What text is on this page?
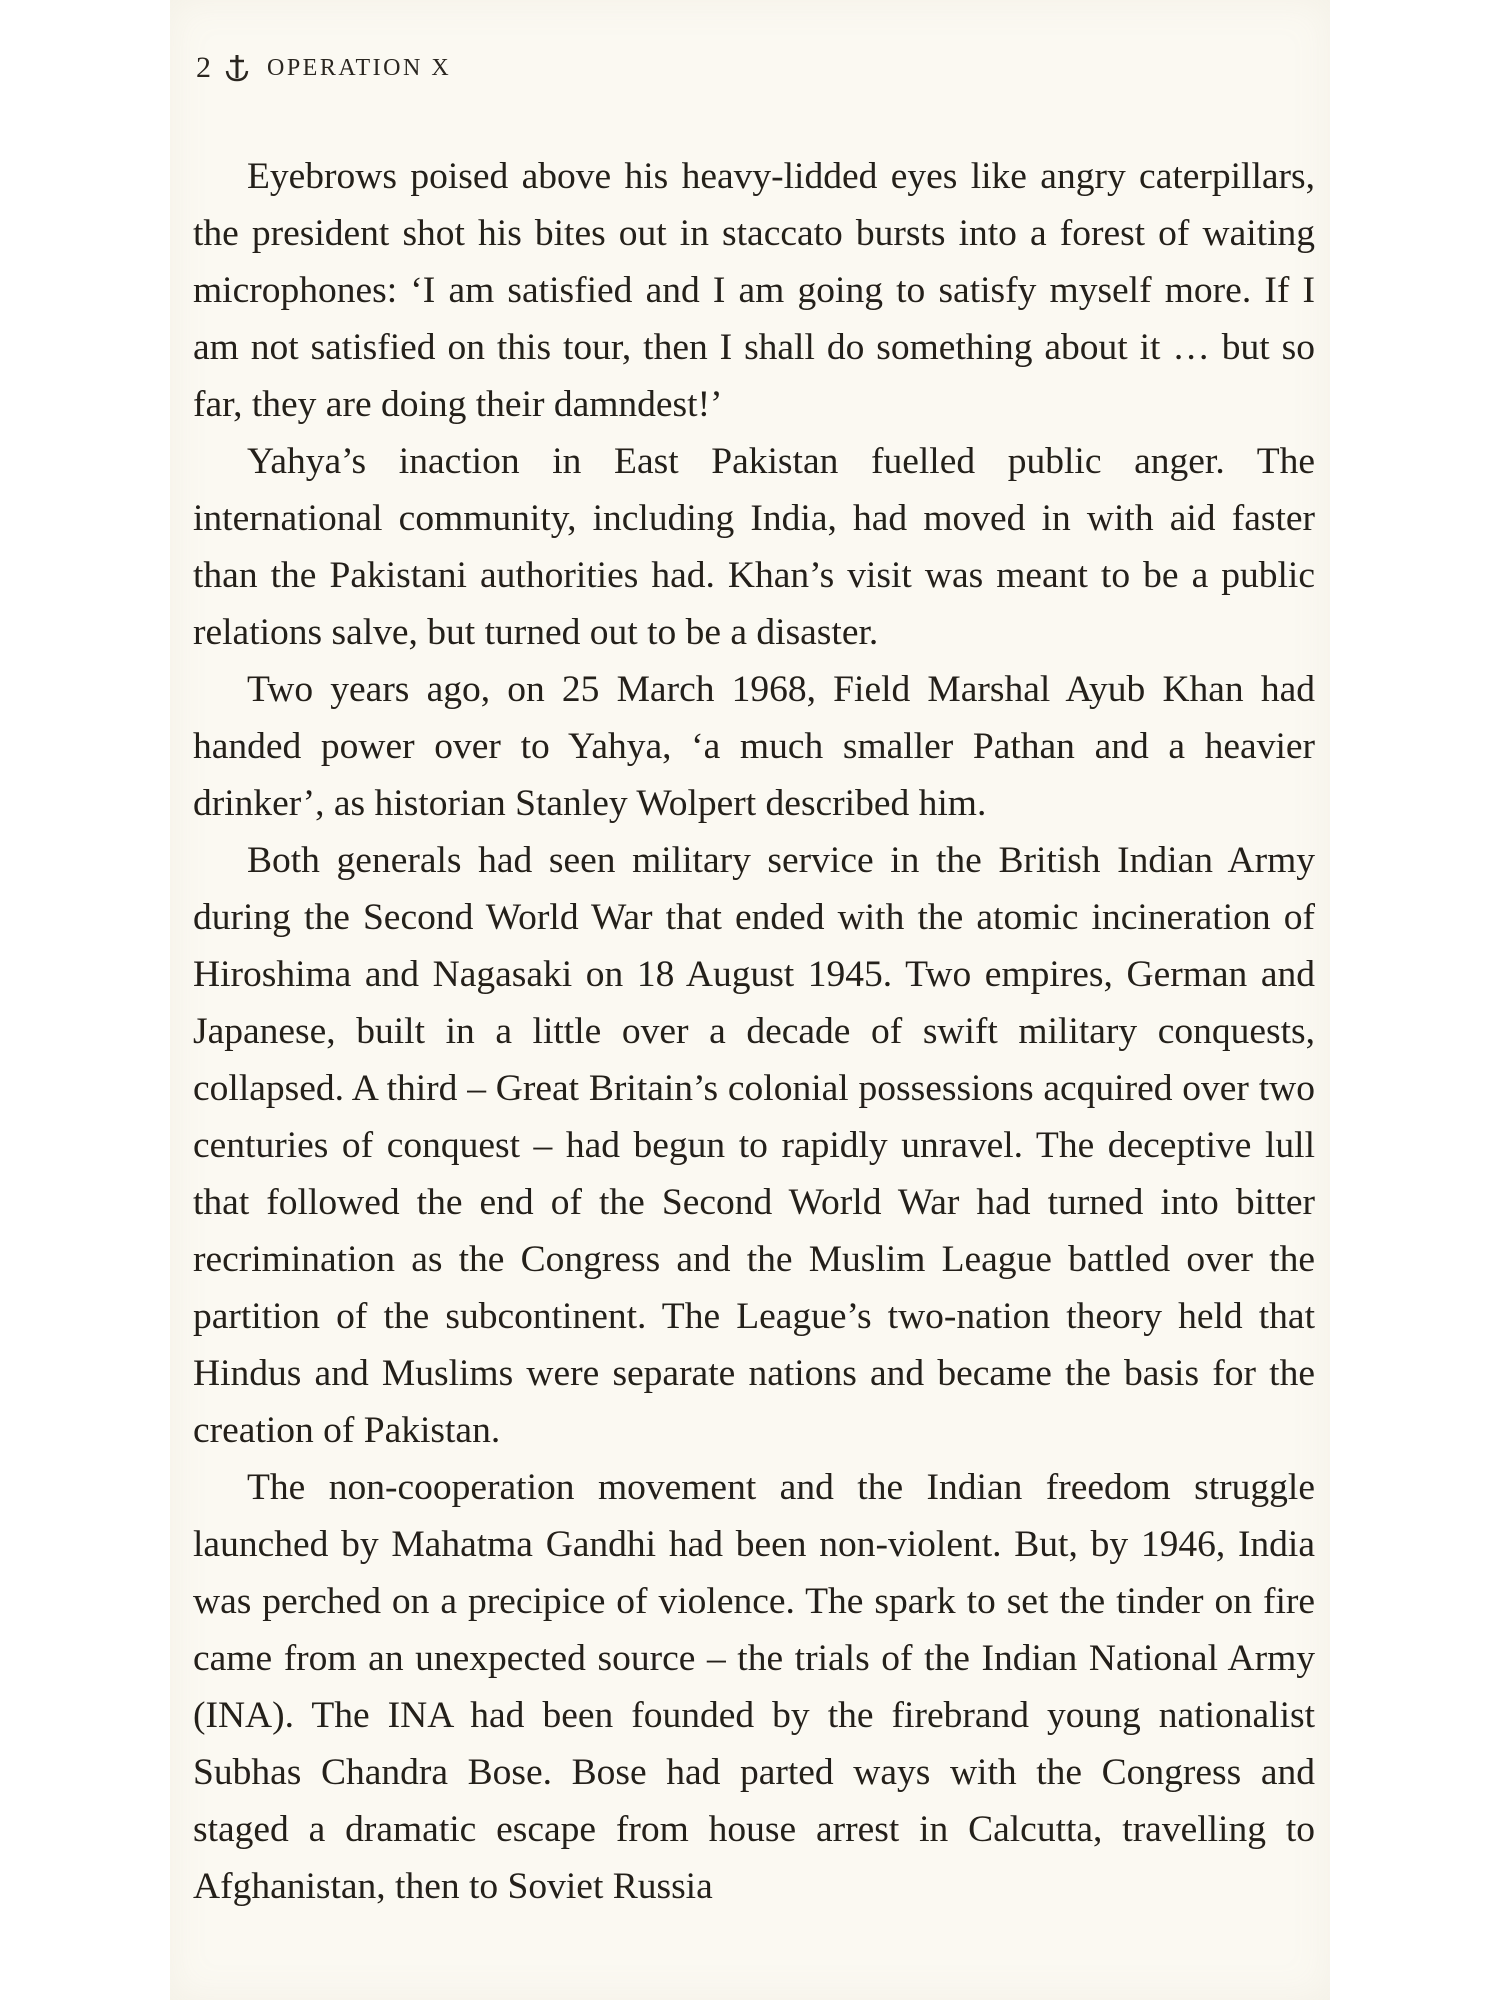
2 OPERATION X

Eyebrows poised above his heavy-lidded eyes like angry caterpillars, the president shot his bites out in staccato bursts into a forest of waiting microphones: ‘I am satisfied and I am going to satisfy myself more. If I am not satisfied on this tour, then I shall do something about it … but so far, they are doing their damndest!’

Yahya’s inaction in East Pakistan fuelled public anger. The international community, including India, had moved in with aid faster than the Pakistani authorities had. Khan’s visit was meant to be a public relations salve, but turned out to be a disaster.

Two years ago, on 25 March 1968, Field Marshal Ayub Khan had handed power over to Yahya, ‘a much smaller Pathan and a heavier drinker’, as historian Stanley Wolpert described him.

Both generals had seen military service in the British Indian Army during the Second World War that ended with the atomic incineration of Hiroshima and Nagasaki on 18 August 1945. Two empires, German and Japanese, built in a little over a decade of swift military conquests, collapsed. A third – Great Britain’s colonial possessions acquired over two centuries of conquest – had begun to rapidly unravel. The deceptive lull that followed the end of the Second World War had turned into bitter recrimination as the Congress and the Muslim League battled over the partition of the subcontinent. The League’s two-nation theory held that Hindus and Muslims were separate nations and became the basis for the creation of Pakistan.

The non-cooperation movement and the Indian freedom struggle launched by Mahatma Gandhi had been non-violent. But, by 1946, India was perched on a precipice of violence. The spark to set the tinder on fire came from an unexpected source – the trials of the Indian National Army (INA). The INA had been founded by the firebrand young nationalist Subhas Chandra Bose. Bose had parted ways with the Congress and staged a dramatic escape from house arrest in Calcutta, travelling to Afghanistan, then to Soviet Russia
